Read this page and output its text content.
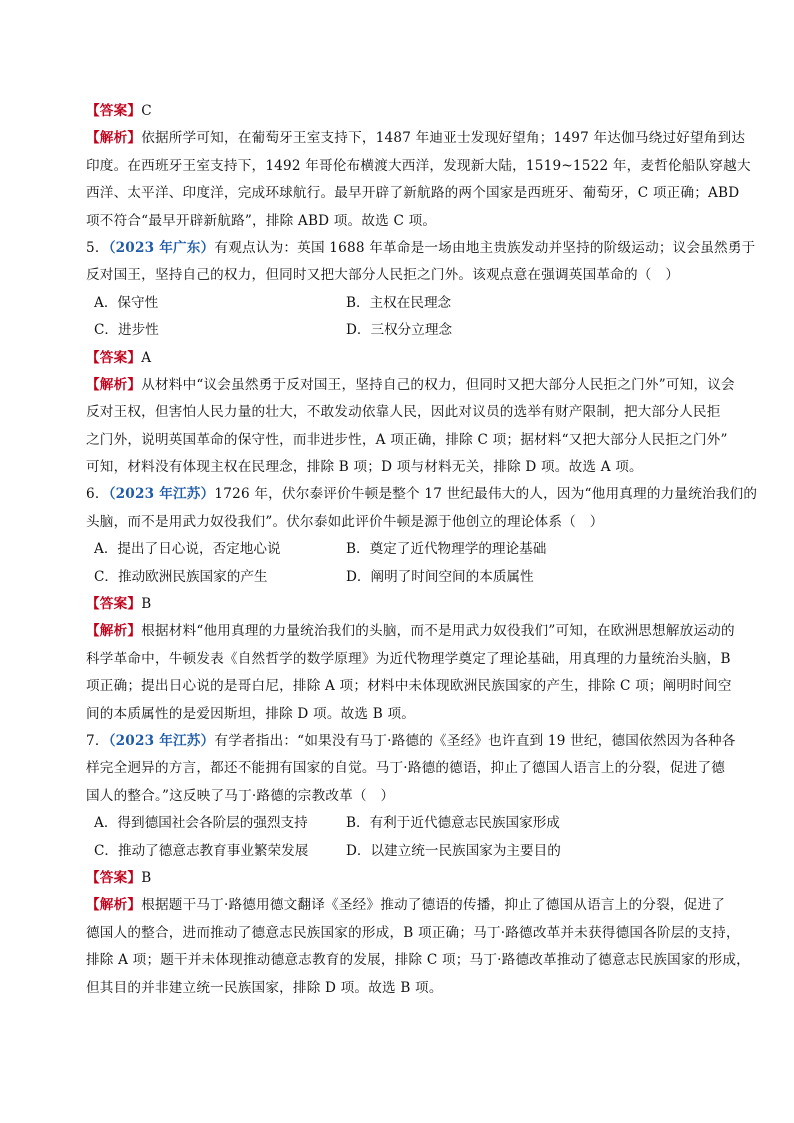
【答案】C
【解析】依据所学可知，在葡萄牙王室支持下，1487 年迪亚士发现好望角；1497 年达伽马绕过好望角到达
印度。在西班牙王室支持下，1492 年哥伦布横渡大西洋，发现新大陆，1519~1522 年，麦哲伦船队穿越大
西洋、太平洋、印度洋，完成环球航行。最早开辟了新航路的两个国家是西班牙、葡萄牙，C 项正确；ABD
项不符合“最早开辟新航路”，排除 ABD 项。故选 C 项。
5．（2023 年广东）有观点认为：英国 1688 年革命是一场由地主贵族发动并坚持的阶级运动；议会虽然勇于
反对国王，坚持自己的权力，但同时又把大部分人民拒之门外。该观点意在强调英国革命的（　）
A．保守性	B．主权在民理念
C．进步性	D．三权分立理念
【答案】A
【解析】从材料中“议会虽然勇于反对国王，坚持自己的权力，但同时又把大部分人民拒之门外”可知，议会
反对王权，但害怕人民力量的壮大，不敢发动依靠人民，因此对议员的选举有财产限制，把大部分人民拒
之门外，说明英国革命的保守性，而非进步性，A 项正确，排除 C 项；据材料“又把大部分人民拒之门外”
可知，材料没有体现主权在民理念，排除 B 项；D 项与材料无关，排除 D 项。故选 A 项。
6．（2023 年江苏）1726 年，伏尔泰评价牛顿是整个 17 世纪最伟大的人，因为“他用真理的力量统治我们的
头脑，而不是用武力奴役我们”。伏尔泰如此评价牛顿是源于他创立的理论体系（　）
A．提出了日心说，否定地心说	B．奠定了近代物理学的理论基础
C．推动欧洲民族国家的产生	D．阐明了时间空间的本质属性
【答案】B
【解析】根据材料“他用真理的力量统治我们的头脑，而不是用武力奴役我们”可知，在欧洲思想解放运动的
科学革命中，牛顿发表《自然哲学的数学原理》为近代物理学奠定了理论基础，用真理的力量统治头脑，B
项正确；提出日心说的是哥白尼，排除 A 项；材料中未体现欧洲民族国家的产生，排除 C 项；阐明时间空
间的本质属性的是爱因斯坦，排除 D 项。故选 B 项。
7．（2023 年江苏）有学者指出：“如果没有马丁·路德的《圣经》也许直到 19 世纪，德国依然因为各种各
样完全迥异的方言，都还不能拥有国家的自觉。马丁·路德的德语，抑止了德国人语言上的分裂，促进了德
国人的整合。”这反映了马丁·路德的宗教改革（　）
A．得到德国社会各阶层的强烈支持	B．有利于近代德意志民族国家形成
C．推动了德意志教育事业繁荣发展	D．以建立统一民族国家为主要目的
【答案】B
【解析】根据题干马丁·路德用德文翻译《圣经》推动了德语的传播，抑止了德国从语言上的分裂，促进了
德国人的整合，进而推动了德意志民族国家的形成，B 项正确；马丁·路德改革并未获得德国各阶层的支持，
排除 A 项；题干并未体现推动德意志教育的发展，排除 C 项；马丁·路德改革推动了德意志民族国家的形成，
但其目的并非建立统一民族国家，排除 D 项。故选 B 项。
